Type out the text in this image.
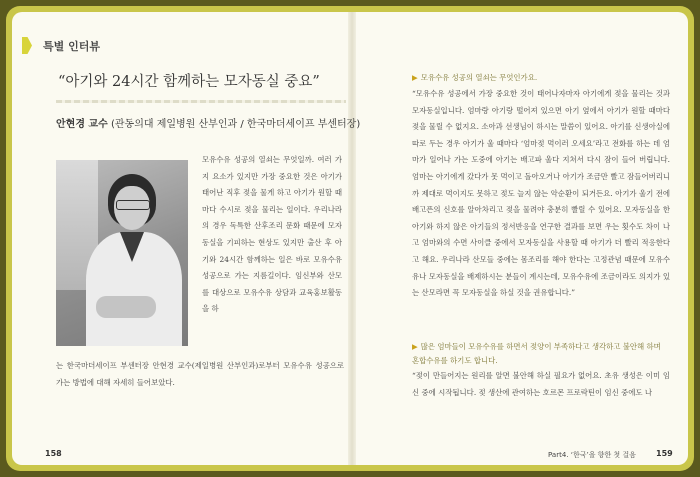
특별 인터뷰
“아기와 24시간 함께하는 모자동실 중요”
안현경 교수 (관동의대 제일병원 산부인과 / 한국마더세이프 부센터장)
모유수유 성공의 열쇠는 무엇일까. 여러 가지 요소가 있지만 가장 중요한 것은 아기가 태어난 직후 젖을 물게 하고 아기가 원할 때마다 수시로 젖을 물리는 일이다. 우리나라의 경우 독특한 산후조리 문화 때문에 모자동실을 기피하는 현상도 있지만 출산 후 아기와 24시간 함께하는 일은 바로 모유수유 성공으로 가는 지름길이다. 임신부와 산모를 대상으로 모유수유 상담과 교육홍보활동을 하
는 한국마더세이프 부센터장 안현경 교수(제일병원 산부인과)로부터 모유수유 성공으로 가는 방법에 대해 자세히 들어보았다.
▶ 모유수유 성공의 열쇠는 무엇인가요.
“모유수유 성공에서 가장 중요한 것이 태어나자마자 아기에게 젖을 물리는 것과 모자동실입니다. 엄마랑 아기랑 떨어져 있으면 아기 옆에서 아기가 원할 때마다 젖을 물릴 수 없지요. 소아과 선생님이 하시는 말씀이 있어요. 아기를 신생아실에 따로 두는 경우 아기가 울 때마다 ‘엄마젖 먹이러 오세요’라고 전화를 하는 데 엄마가 일어나 가는 도중에 아기는 배고파 울다 지쳐서 다시 잠이 들어 버립니다. 엄마는 아기에게 갔다가 못 먹이고 돌아오거나 아기가 조금만 빨고 잠들어버리니까 제대로 먹이지도 못하고 젖도 늘지 않는 악순환이 되거든요. 아기가 울기 전에 배고픈의 신호를 알아차리고 젖을 물려야 충분히 빨릴 수 있어요. 모자동실을 한 아기와 하지 않은 아기들의 정서반응을 연구한 결과를 보면 우는 횟수도 차이 나고 엄마와의 수면 사이클 중에서 모자동실을 사용할 때 아기가 더 빨리 적응한다고 해요. 우리나라 산모들 중에는 몸조리를 해야 한다는 고정관념 때문에 모유수유나 모자동실을 배제하시는 분들이 계시는데, 모유수유에 조금이라도 의지가 있는 산모라면 꼭 모자동실을 하실 것을 권유합니다.”
▶ 많은 엄마들이 모유수유를 하면서 젖양이 부족하다고 생각하고 불안해 하며 혼합수유를 하기도 합니다.
“젖이 만들어지는 원리를 알면 불안해 하실 필요가 없어요. 초유 생성은 이미 임신 중에 시작됩니다. 젖 생산에 관여하는 호르몬 프로락틴이 임신 중에도 나
158	Part4. ‘한국’을 향한 첫 걸음	159
